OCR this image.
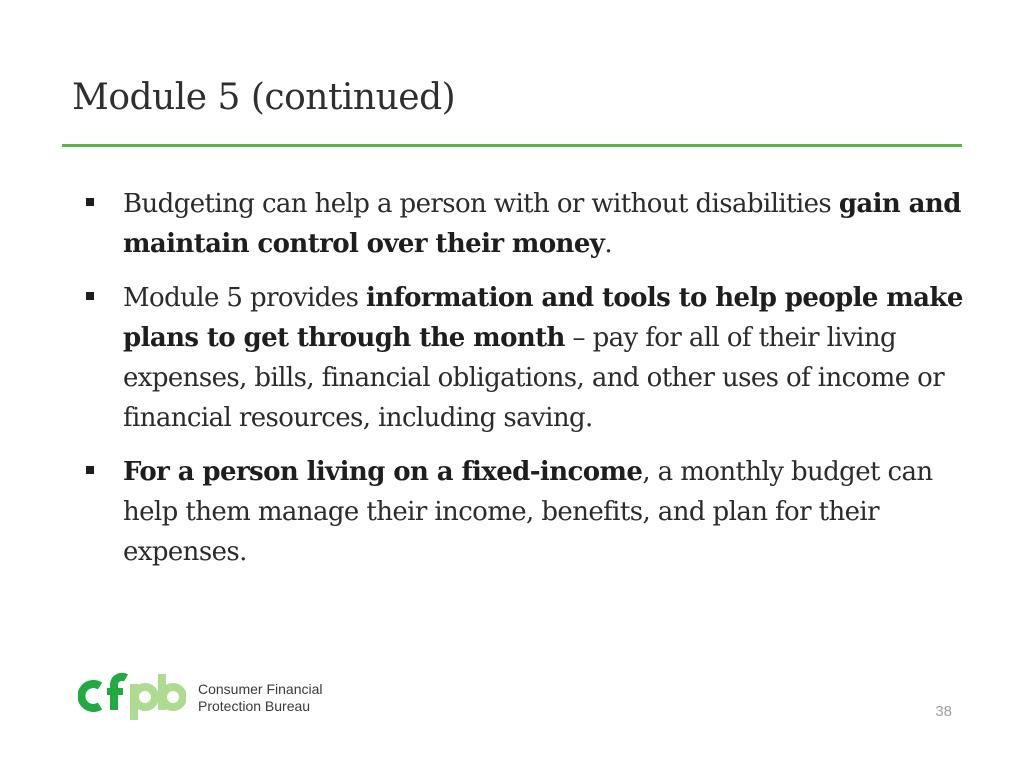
Module 5 (continued)
Budgeting can help a person with or without disabilities gain and maintain control over their money.
Module 5 provides information and tools to help people make plans to get through the month – pay for all of their living expenses, bills, financial obligations, and other uses of income or financial resources, including saving.
For a person living on a fixed-income, a monthly budget can help them manage their income, benefits, and plan for their expenses.
Consumer Financial
Protection Bureau	38
